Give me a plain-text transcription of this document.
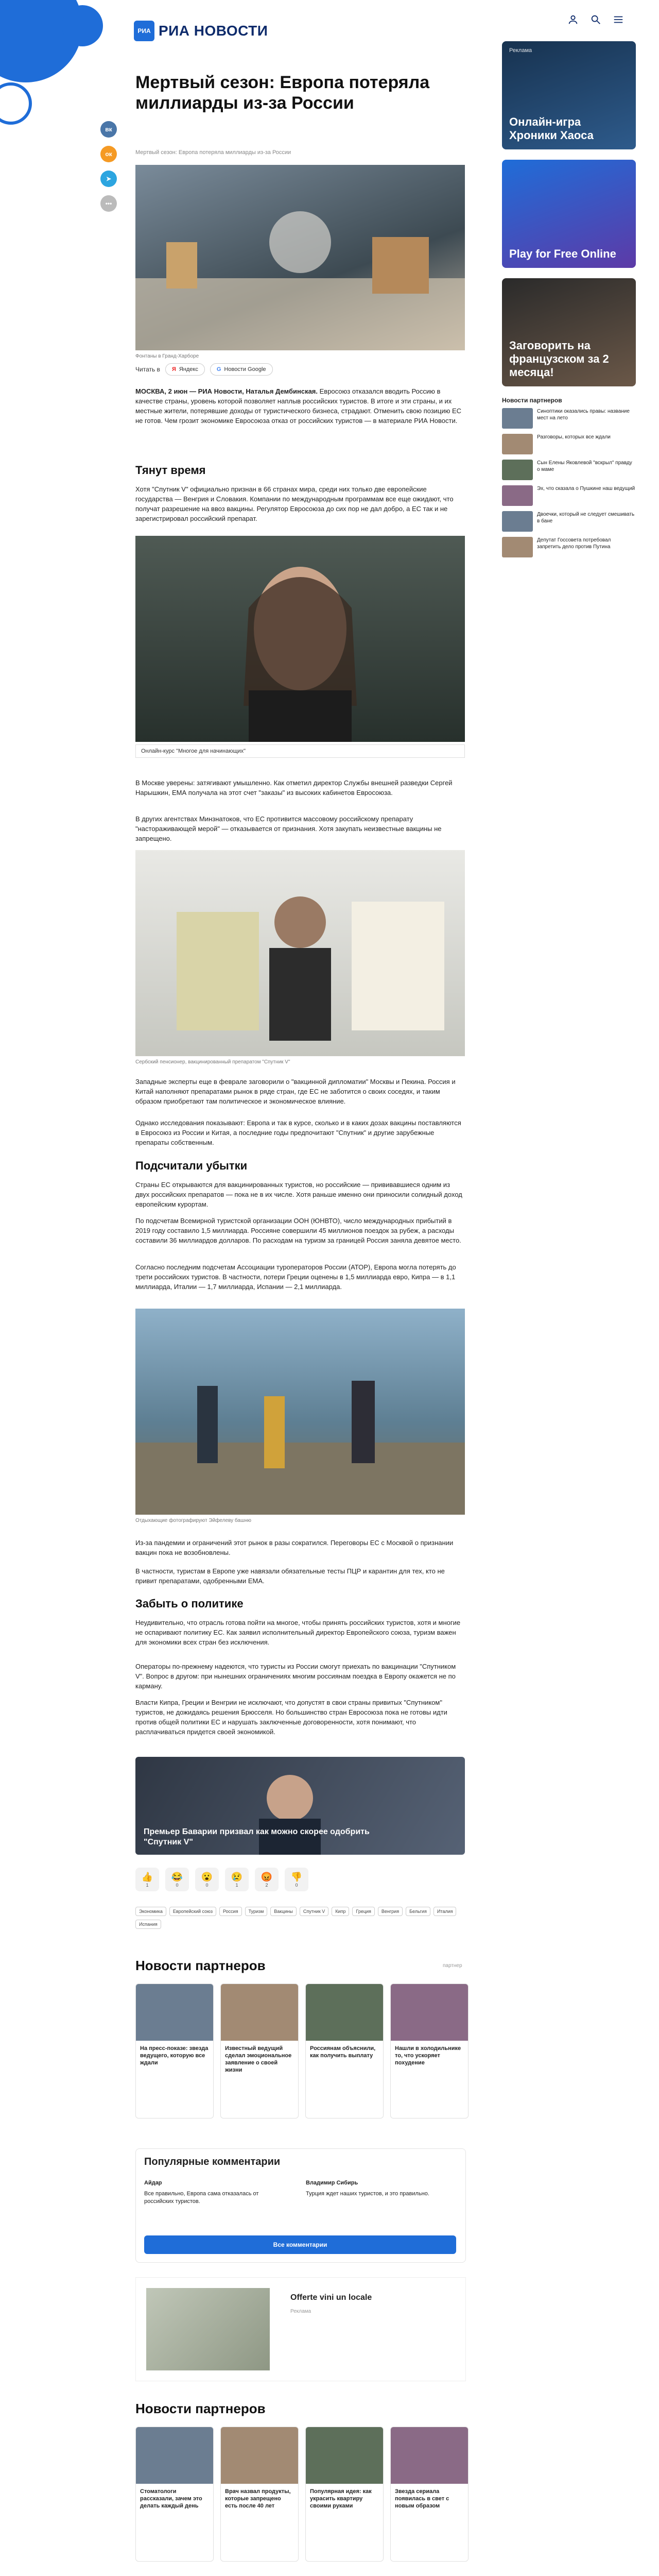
РИА РИА НОВОСТИ
вк
ок
➤
•••
Мертвый сезон: Европа потеряла миллиарды из-за России
Мертвый сезон: Европа потеряла миллиарды из-за России
Фонтаны в Гранд-Харборе
Читать в Я Яндекс	G Новости Google
МОСКВА, 2 июн — РИА Новости, Наталья Дембинская. Евросоюз отказался вводить Россию в качестве страны, уровень которой позволяет наплыв российских туристов. В итоге и эти страны, и их местные жители, потерявшие доходы от туристического бизнеса, страдают. Отменить свою позицию ЕС не готов. Чем грозит экономике Евросоюза отказ от российских туристов — в материале РИА Новости.
Тянут время
Хотя "Спутник V" официально признан в 66 странах мира, среди них только две европейские государства — Венгрия и Словакия. Компании по международным программам все еще ожидают, что получат разрешение на ввоз вакцины. Регулятор Евросоюза до сих пор не дал добро, а ЕС так и не зарегистрировал российский препарат.
Онлайн-курс "Многое для начинающих"
В Москве уверены: затягивают умышленно. Как отметил директор Службы внешней разведки Сергей Нарышкин, ЕМА получала на этот счет "заказы" из высоких кабинетов Евросоюза.
В других агентствах Минзнатоков, что ЕС противится массовому российскому препарату "настораживающей мерой" — отказывается от признания. Хотя закупать неизвестные вакцины не запрещено.
Сербский пенсионер, вакцинированный препаратом "Спутник V"
Западные эксперты еще в феврале заговорили о "вакцинной дипломатии" Москвы и Пекина. Россия и Китай наполняют препаратами рынок в ряде стран, где ЕС не заботится о своих соседях, и таким образом приобретают там политическое и экономическое влияние.
Однако исследования показывают: Европа и так в курсе, сколько и в каких дозах вакцины поставляются в Евросоюз из России и Китая, а последние годы предпочитают "Спутник" и другие зарубежные препараты собственным.
Подсчитали убытки
Страны ЕС открываются для вакцинированных туристов, но российские — прививавшиеся одним из двух российских препаратов — пока не в их числе. Хотя раньше именно они приносили солидный доход европейским курортам.
По подсчетам Всемирной туристской организации ООН (ЮНВТО), число международных прибытий в 2019 году составило 1,5 миллиарда. Россияне совершили 45 миллионов поездок за рубеж, а расходы составили 36 миллиардов долларов. По расходам на туризм за границей Россия заняла девятое место.
Согласно последним подсчетам Ассоциации туроператоров России (АТОР), Европа могла потерять до трети российских туристов. В частности, потери Греции оценены в 1,5 миллиарда евро, Кипра — в 1,1 миллиарда, Италии — 1,7 миллиарда, Испании — 2,1 миллиарда.
Отдыхающие фотографируют Эйфелеву башню
Из-за пандемии и ограничений этот рынок в разы сократился. Переговоры ЕС с Москвой о признании вакцин пока не возобновлены.
В частности, туристам в Европе уже навязали обязательные тесты ПЦР и карантин для тех, кто не привит препаратами, одобренными ЕМА.
Забыть о политике
Неудивительно, что отрасль готова пойти на многое, чтобы принять российских туристов, хотя и многие не оспаривают политику ЕС. Как заявил исполнительный директор Европейского союза, туризм важен для экономики всех стран без исключения.
Операторы по-прежнему надеются, что туристы из России смогут приехать по вакцинации "Спутником V". Вопрос в другом: при нынешних ограничениях многим россиянам поездка в Европу окажется не по карману.
Власти Кипра, Греции и Венгрии не исключают, что допустят в свои страны привитых "Спутником" туристов, не дожидаясь решения Брюсселя. Но большинство стран Евросоюза пока не готовы идти против общей политики ЕС и нарушать заключенные договоренности, хотя понимают, что расплачиваться придется своей экономикой.
Премьер Баварии призвал как можно скорее одобрить "Спутник V"
👍
1
😂
0
😮
0
😢
1
😡
2
👎
0
Экономика Европейский союз Россия Туризм Вакцины Спутник V Кипр Греция Венгрия Бельгия ИталияИспания
Новости партнеров	партнер
На пресс-показе: звезда ведущего, которую все ждали
Известный ведущий сделал эмоциональное заявление о своей жизни
Россиянам объяснили, как получить выплату
Нашли в холодильнике то, что ускоряет похудение
Популярные комментарии
Айдар
Все правильно, Европа сама отказалась от российских туристов.
Владимир Сибирь
Турция ждет наших туристов, и это правильно.
Все комментарии
Offerte vini un locale
Реклама
Новости партнеров
Стоматологи рассказали, зачем это делать каждый день
Врач назвал продукты, которые запрещено есть после 40 лет
Популярная идея: как украсить квартиру своими руками
Звезда сериала появилась в свет с новым образом
Реклама
Онлайн-игра Хроники Хаоса
Play for Free Online
Заговорить на французском за 2 месяца!
Новости партнеров
Синоптики оказались правы: название мест на лето
Разговоры, которых все ждали
Сын Елены Яковлевой "вскрыл" правду о маме
Эх, что сказала о Пушкине наш ведущий
Двоечки, который не следует смешивать в бане
Депутат Госсовета потребовал запретить дело против Путина
